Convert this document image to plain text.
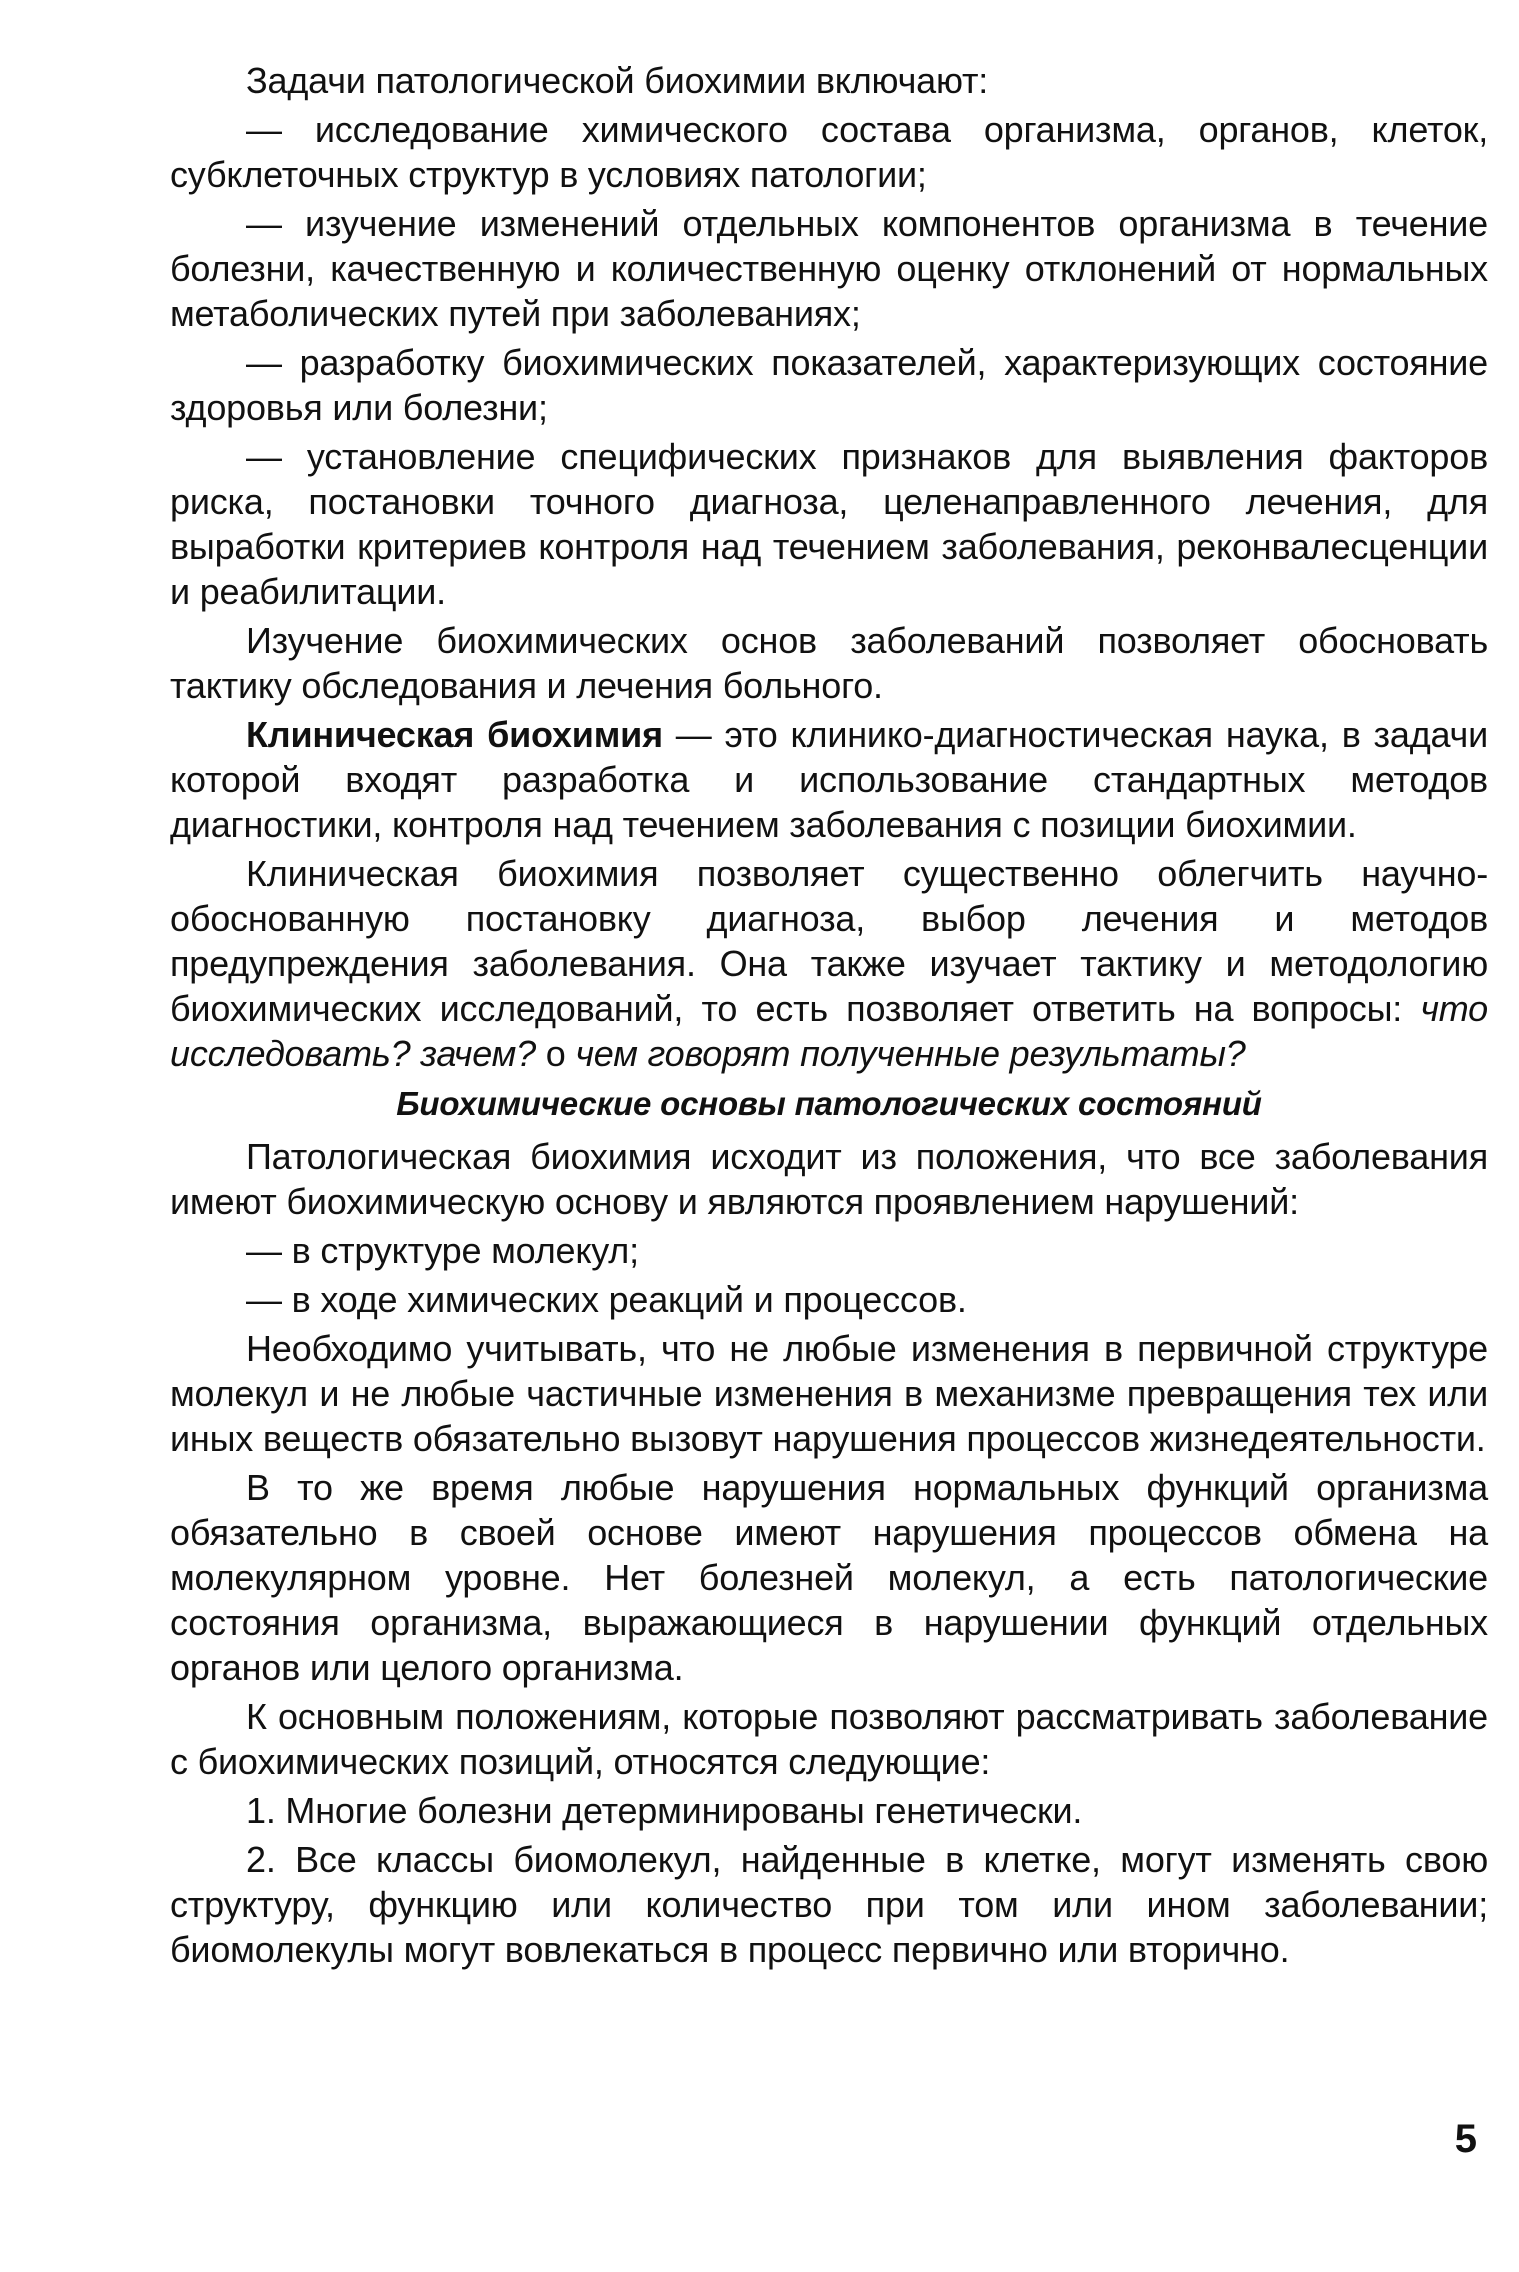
Задачи патологической биохимии включают:

— исследование химического состава организма, органов, клеток, субклеточных структур в условиях патологии;

— изучение изменений отдельных компонентов организма в течение болезни, качественную и количественную оценку отклонений от нормальных метаболических путей при заболеваниях;

— разработку биохимических показателей, характеризующих состояние здоровья или болезни;

— установление специфических признаков для выявления факторов риска, постановки точного диагноза, целенаправленного лечения, для выработки критериев контроля над течением заболевания, реконвалесценции и реабилитации.

Изучение биохимических основ заболеваний позволяет обосновать тактику обследования и лечения больного.

Клиническая биохимия — это клинико-диагностическая наука, в задачи которой входят разработка и использование стандартных методов диагностики, контроля над течением заболевания с позиции биохимии.

Клиническая биохимия позволяет существенно облегчить научно-обоснованную постановку диагноза, выбор лечения и методов предупреждения заболевания. Она также изучает тактику и методологию биохимических исследований, то есть позволяет ответить на вопросы: что исследовать? зачем? о чем говорят полученные результаты?

Биохимические основы патологических состояний

Патологическая биохимия исходит из положения, что все заболевания имеют биохимическую основу и являются проявлением нарушений:

— в структуре молекул;

— в ходе химических реакций и процессов.

Необходимо учитывать, что не любые изменения в первичной структуре молекул и не любые частичные изменения в механизме превращения тех или иных веществ обязательно вызовут нарушения процессов жизнедеятельности.

В то же время любые нарушения нормальных функций организма обязательно в своей основе имеют нарушения процессов обмена на молекулярном уровне. Нет болезней молекул, а есть патологические состояния организма, выражающиеся в нарушении функций отдельных органов или целого организма.

К основным положениям, которые позволяют рассматривать заболевание с биохимических позиций, относятся следующие:

1. Многие болезни детерминированы генетически.

2. Все классы биомолекул, найденные в клетке, могут изменять свою структуру, функцию или количество при том или ином заболевании; биомолекулы могут вовлекаться в процесс первично или вторично.

5
